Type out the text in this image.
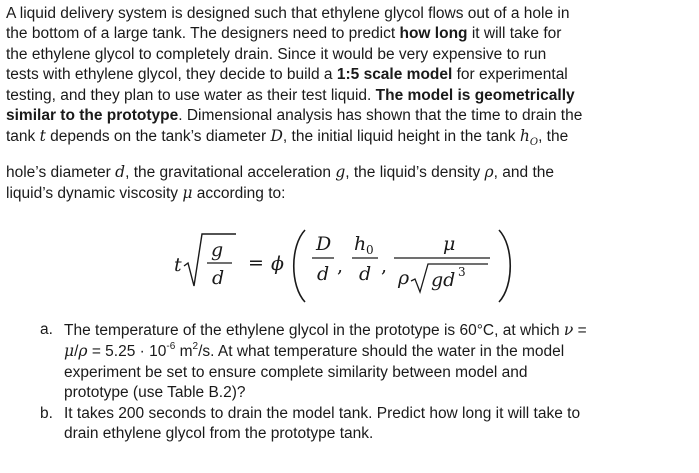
A liquid delivery system is designed such that ethylene glycol flows out of a hole in
the bottom of a large tank. The designers need to predict how long it will take for
the ethylene glycol to completely drain. Since it would be very expensive to run
tests with ethylene glycol, they decide to build a 1:5 scale model for experimental
testing, and they plan to use water as their test liquid. The model is geometrically
similar to the prototype. Dimensional analysis has shown that the time to drain the
tank t depends on the tank’s diameter D, the initial liquid height in the tank $h_O$, the
hole’s diameter d, the gravitational acceleration g, the liquid’s density ρ, and the
liquid’s dynamic viscosity μ according to:

t
g
d
= ϕ
D
d ,
h 0
d ,
μ
ρ gd 3
a. The temperature of the ethylene glycol in the prototype is 60°C, at which ν =
$\mu/\rho = 5.25 \cdot 10^{-6}$ $m^2/s$. At what temperature should the water in the model
experiment be set to ensure complete similarity between model and
prototype (use Table B.2)?
b. It takes 200 seconds to drain the model tank. Predict how long it will take to
drain ethylene glycol from the prototype tank.
